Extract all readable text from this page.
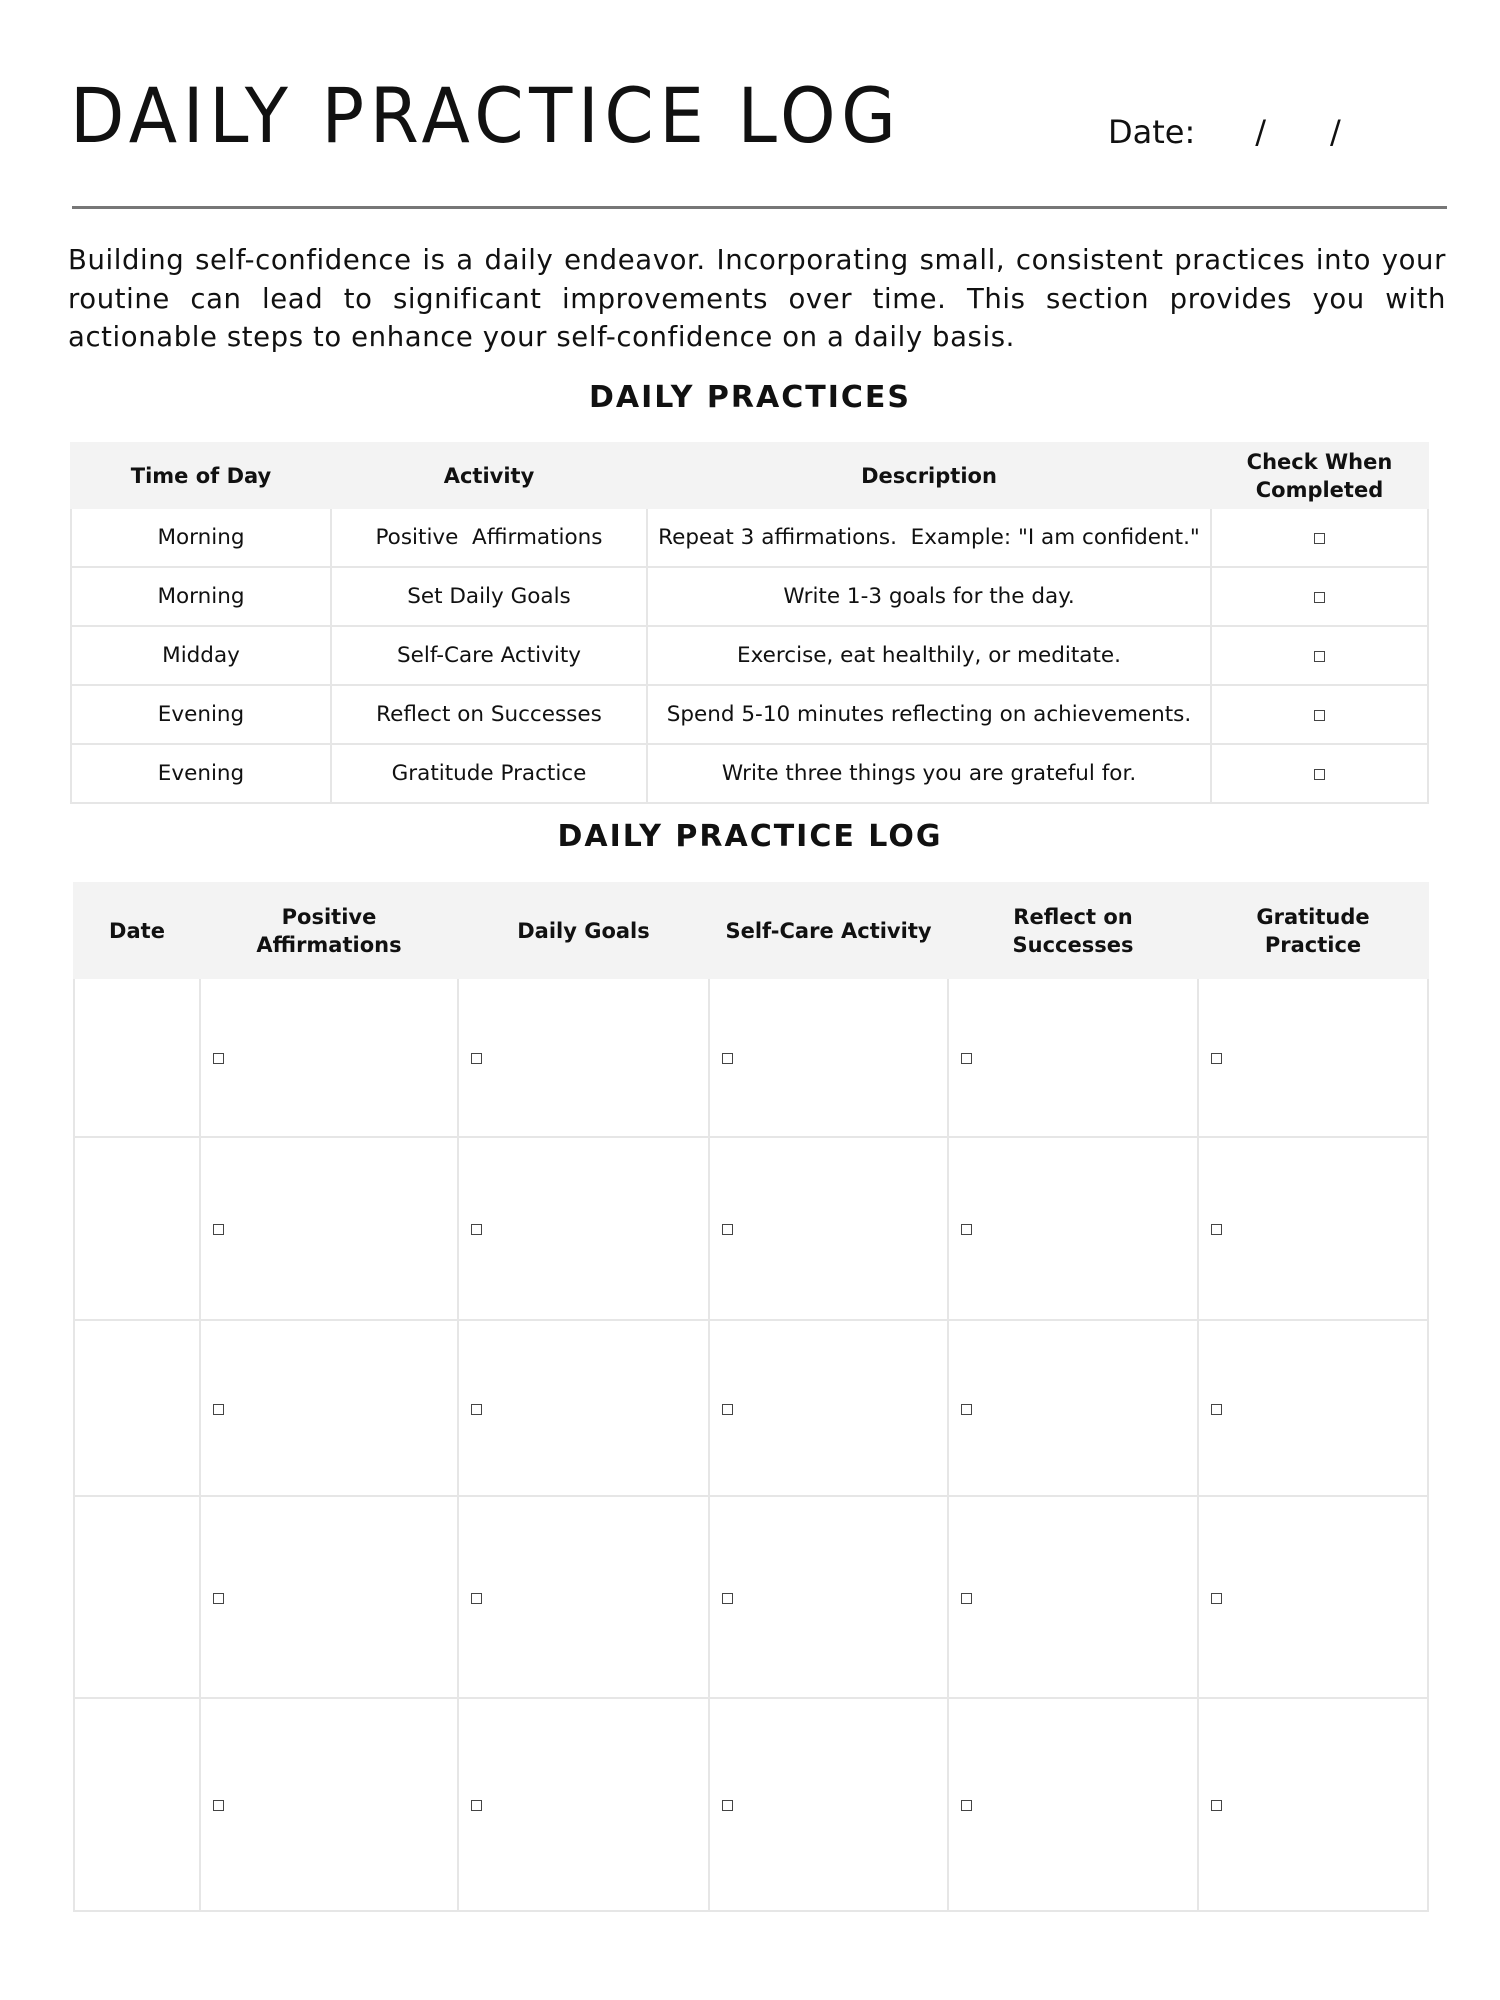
DAILY PRACTICE LOG	Date: / /

Building self-confidence is a daily endeavor. Incorporating small, consistent practices into your routine can lead to significant improvements over time. This section provides you with actionable steps to enhance your self-confidence on a daily basis.

DAILY PRACTICES
Time of Day	Activity	Description	Check When Completed
Morning	Positive  Affirmations	Repeat 3 affirmations.  Example: "I am confident."	
Morning	Set Daily Goals	Write 1-3 goals for the day.	
Midday	Self-Care Activity	Exercise, eat healthily, or meditate.	
Evening	Reflect on Successes	Spend 5-10 minutes reflecting on achievements.	
Evening	Gratitude Practice	Write three things you are grateful for.	
DAILY PRACTICE LOG
Date	Positive Affirmations	Daily Goals	Self-Care Activity	Reflect on Successes	Gratitude Practice
